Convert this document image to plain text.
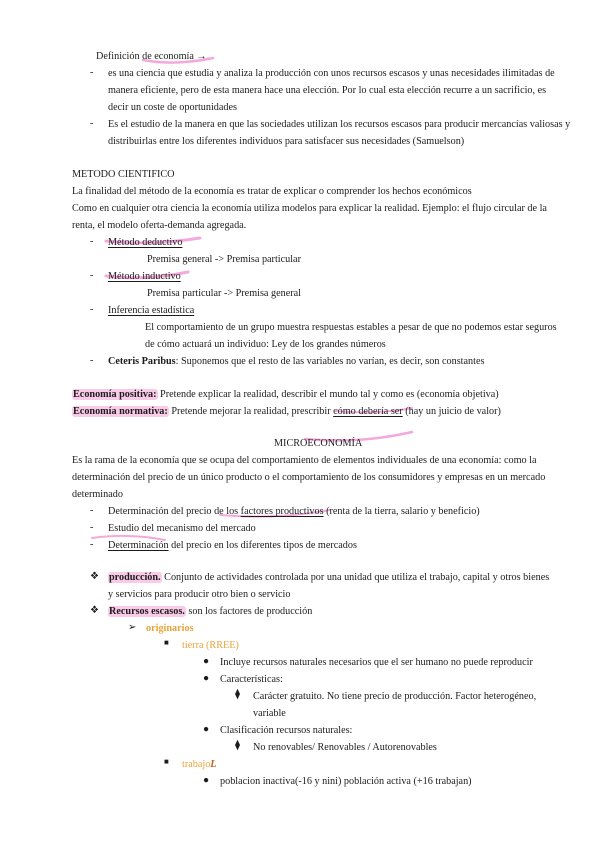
Definición de economía →
- es una ciencia que estudia y analiza la producción con unos recursos escasos y unas necesidades ilimitadas de
manera eficiente, pero de esta manera hace una elección. Por lo cual esta elección recurre a un sacrificio, es
decir un coste de oportunidades
- Es el estudio de la manera en que las sociedades utilizan los recursos escasos para producir mercancías valiosas y
distribuirlas entre los diferentes individuos para satisfacer sus necesidades (Samuelson)
METODO CIENTIFICO
La finalidad del método de la economía es tratar de explicar o comprender los hechos económicos
Como en cualquier otra ciencia la economía utiliza modelos para explicar la realidad. Ejemplo: el flujo circular de la
renta, el modelo oferta-demanda agregada.
- Método deductivo
Premisa general -> Premisa particular
- Método inductivo
Premisa particular -> Premisa general
- Inferencia estadística
El comportamiento de un grupo muestra respuestas estables a pesar de que no podemos estar seguros
de cómo actuará un individuo: Ley de los grandes números
- Ceteris Paribus: Suponemos que el resto de las variables no varían, es decir, son constantes
Economía positiva: Pretende explicar la realidad, describir el mundo tal y como es (economía objetiva)
Economía normativa: Pretende mejorar la realidad, prescribir cómo debería ser (hay un juicio de valor)
MICROECONOMÍA
Es la rama de la economía que se ocupa del comportamiento de elementos individuales de una economía: como la
determinación del precio de un único producto o el comportamiento de los consumidores y empresas en un mercado
determinado
- Determinación del precio de los factores productivos (renta de la tierra, salario y beneficio)
- Estudio del mecanismo del mercado
- Determinación del precio en los diferentes tipos de mercados
❖ producción. Conjunto de actividades controlada por una unidad que utiliza el trabajo, capital y otros bienes
y servicios para producir otro bien o servicio
❖ Recursos escasos. son los factores de producción
➢ originarios
■ tierra (RREE)
● Incluye recursos naturales necesarios que el ser humano no puede reproducir
● Características:
⧫ Carácter gratuito. No tiene precio de producción. Factor heterogéneo,
variable
● Clasificación recursos naturales:
⧫ No renovables/ Renovables / Autorenovables
■ trabajoL
● poblacion inactiva(-16 y nini) población activa (+16 trabajan)
